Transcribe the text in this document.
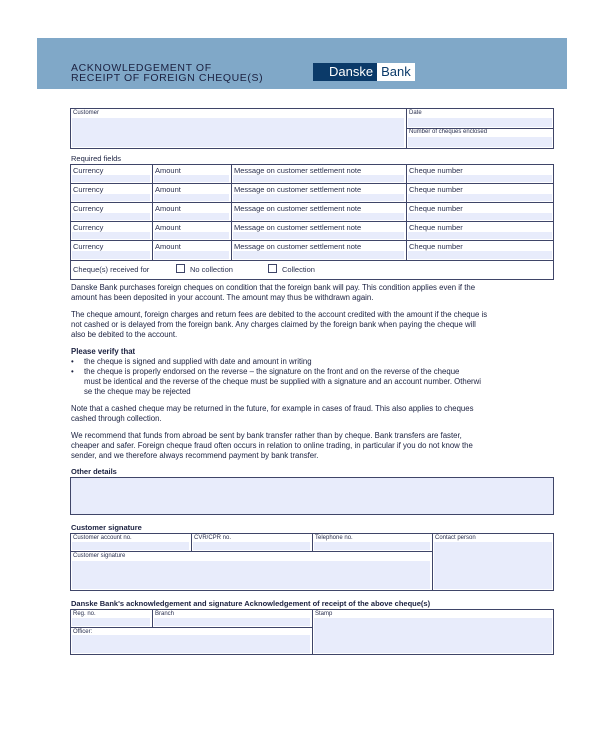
ACKNOWLEDGEMENT OF
RECEIPT OF FOREIGN CHEQUE(S)	Danske Bank
Customer	Date
Number of cheques enclosed
Required fields
Currency	Amount	Message on customer settlement note	Cheque number
Currency	Amount	Message on customer settlement note	Cheque number
Currency	Amount	Message on customer settlement note	Cheque number
Currency	Amount	Message on customer settlement note	Cheque number
Currency	Amount	Message on customer settlement note	Cheque number
Cheque(s) received for	No collection	Collection
Danske Bank purchases foreign cheques on condition that the foreign bank will pay. This condition applies even if the
amount has been deposited in your account. The amount may thus be withdrawn again.
The cheque amount, foreign charges and return fees are debited to the account credited with the amount if the cheque is
not cashed or is delayed from the foreign bank. Any charges claimed by the foreign bank when paying the cheque will
also be debited to the account.
Please verify that
• the cheque is signed and supplied with date and amount in writing
• the cheque is properly endorsed on the reverse – the signature on the front and on the reverse of the cheque
must be identical and the reverse of the cheque must be supplied with a signature and an account number. Otherwi
se the cheque may be rejected
Note that a cashed cheque may be returned in the future, for example in cases of fraud. This also applies to cheques
cashed through collection.
We recommend that funds from abroad be sent by bank transfer rather than by cheque. Bank transfers are faster,
cheaper and safer. Foreign cheque fraud often occurs in relation to online trading, in particular if you do not know the
sender, and we therefore always recommend payment by bank transfer.
Other details
Customer signature
Customer account no.	CVR/CPR no.	Telephone no.	Contact person
Customer signature
Danske Bank's acknowledgement and signature Acknowledgement of receipt of the above cheque(s)
Reg. no.	Branch	Stamp
Officer:
